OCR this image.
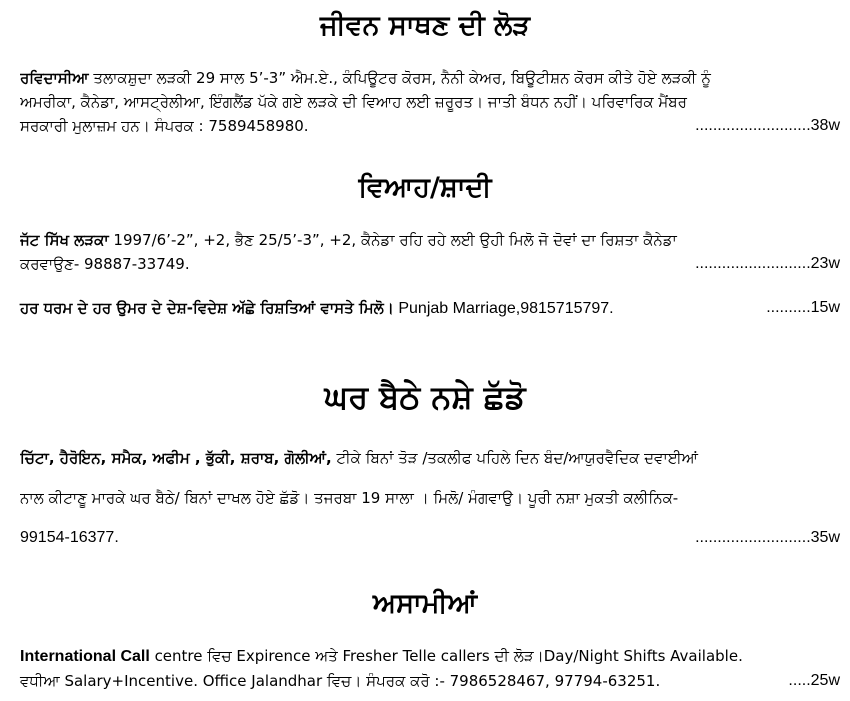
ਜੀਵਨ ਸਾਥਣ ਦੀ ਲੋੜ
ਰਵਿਦਾਸੀਆ ਤਲਾਕਸ਼ੁਦਾ ਲੜਕੀ 29 ਸਾਲ 5’-3” ਐਮ.ਏ., ਕੰਪਿਊਟਰ ਕੋਰਸ, ਨੈਨੀ ਕੇਅਰ, ਬਿਊਟੀਸ਼ਨ ਕੋਰਸ ਕੀਤੇ ਹੋਏ ਲੜਕੀ ਨੂੰ
ਅਮਰੀਕਾ, ਕੈਨੇਡਾ, ਆਸਟ੍ਰੇਲੀਆ, ਇੰਗਲੈਂਡ ਪੱਕੇ ਗਏ ਲੜਕੇ ਦੀ ਵਿਆਹ ਲਈ ਜ਼ਰੂਰਤ। ਜਾਤੀ ਬੰਧਨ ਨਹੀਂ। ਪਰਿਵਾਰਿਕ ਮੈਂਬਰ
ਸਰਕਾਰੀ ਮੁਲਾਜ਼ਮ ਹਨ। ਸੰਪਰਕ : 7589458980.	..........................38w
ਵਿਆਹ/ਸ਼ਾਦੀ
ਜੱਟ ਸਿੱਖ ਲੜਕਾ 1997/6’-2”, +2, ਭੈਣ 25/5’-3”, +2, ਕੈਨੇਡਾ ਰਹਿ ਰਹੇ ਲਈ ਉਹੀ ਮਿਲੋ ਜੋ ਦੋਵਾਂ ਦਾ ਰਿਸ਼ਤਾ ਕੈਨੇਡਾ
ਕਰਵਾਉਣ- 98887-33749.	..........................23w
ਹਰ ਧਰਮ ਦੇ ਹਰ ਉਮਰ ਦੇ ਦੇਸ਼-ਵਿਦੇਸ਼ ਅੱਛੇ ਰਿਸ਼ਤਿਆਂ ਵਾਸਤੇ ਮਿਲੋ। Punjab Marriage,9815715797.	..........15w
ਘਰ ਬੈਠੇ ਨਸ਼ੇ ਛੱਡੋ
ਚਿੱਟਾ, ਹੈਰੋਇਨ, ਸਮੈਕ, ਅਫੀਮ , ਭੁੱਕੀ, ਸ਼ਰਾਬ, ਗੋਲੀਆਂ, ਟੀਕੇ ਬਿਨਾਂ ਤੋੜ /ਤਕਲੀਫ ਪਹਿਲੇ ਦਿਨ ਬੰਦ/ਆਯੁਰਵੈਦਿਕ ਦਵਾਈਆਂ
ਨਾਲ ਕੀਟਾਣੂ ਮਾਰਕੇ ਘਰ ਬੈਠੇ/ ਬਿਨਾਂ ਦਾਖਲ ਹੋਏ ਛੱਡੋ। ਤਜਰਬਾ 19 ਸਾਲਾ । ਮਿਲੋ/ ਮੰਗਵਾਉ। ਪੂਰੀ ਨਸ਼ਾ ਮੁਕਤੀ ਕਲੀਨਿਕ-
99154-16377.	..........................35w
ਅਸਾਮੀਆਂ
International Call centre ਵਿਚ Expirence ਅਤੇ Fresher Telle callers ਦੀ ਲੋੜ।Day/Night Shifts Available.
ਵਧੀਆ Salary+Incentive. Office Jalandhar ਵਿਚ। ਸੰਪਰਕ ਕਰੋ :- 7986528467, 97794-63251.	.....25w
